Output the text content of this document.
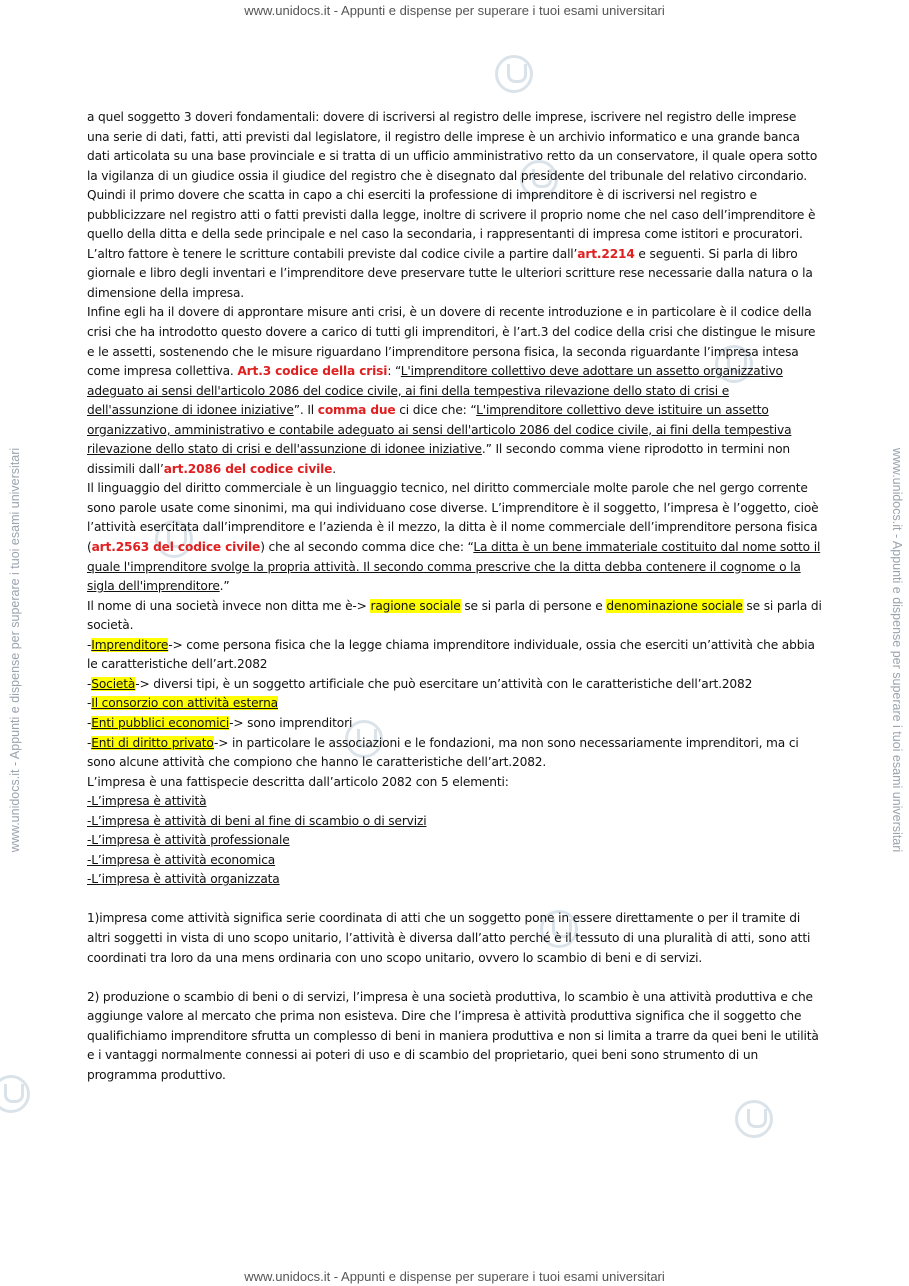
www.unidocs.it - Appunti e dispense per superare i tuoi esami universitari
www.unidocs.it - Appunti e dispense per superare i tuoi esami universitari
www.unidocs.it - Appunti e dispense per superare i tuoi esami universitari	www.unidocs.it - Appunti e dispense per superare i tuoi esami universitari

a quel soggetto 3 doveri fondamentali: dovere di iscriversi al registro delle imprese, iscrivere nel registro delle imprese una serie di dati, fatti, atti previsti dal legislatore, il registro delle imprese è un archivio informatico e una grande banca dati articolata su una base provinciale e si tratta di un ufficio amministrativo retto da un conservatore, il quale opera sotto la vigilanza di un giudice ossia il giudice del registro che è disegnato dal presidente del tribunale del relativo circondario. Quindi il primo dovere che scatta in capo a chi eserciti la professione di imprenditore è di iscriversi nel registro e pubblicizzare nel registro atti o fatti previsti dalla legge, inoltre di scrivere il proprio nome che nel caso dell’imprenditore è quello della ditta e della sede principale e nel caso la secondaria, i rappresentanti di impresa come istitori e procuratori.

L’altro fattore è tenere le scritture contabili previste dal codice civile a partire dall’art.2214 e seguenti. Si parla di libro giornale e libro degli inventari e l’imprenditore deve preservare tutte le ulteriori scritture rese necessarie dalla natura o la dimensione della impresa.

Infine egli ha il dovere di approntare misure anti crisi, è un dovere di recente introduzione e in particolare è il codice della crisi che ha introdotto questo dovere a carico di tutti gli imprenditori, è l’art.3 del codice della crisi che distingue le misure e le assetti, sostenendo che le misure riguardano l’imprenditore persona fisica, la seconda riguardante l’impresa intesa come impresa collettiva. Art.3 codice della crisi: “L'imprenditore collettivo deve adottare un assetto organizzativo adeguato ai sensi dell'articolo 2086 del codice civile, ai fini della tempestiva rilevazione dello stato di crisi e dell'assunzione di idonee iniziative”. Il comma due ci dice che: “L'imprenditore collettivo deve istituire un assetto organizzativo, amministrativo e contabile adeguato ai sensi dell'articolo 2086 del codice civile, ai fini della tempestiva rilevazione dello stato di crisi e dell'assunzione di idonee iniziative.” Il secondo comma viene riprodotto in termini non dissimili dall’art.2086 del codice civile.

Il linguaggio del diritto commerciale è un linguaggio tecnico, nel diritto commerciale molte parole che nel gergo corrente sono parole usate come sinonimi, ma qui individuano cose diverse. L’imprenditore è il soggetto, l’impresa è l’oggetto, cioè l’attività esercitata dall’imprenditore e l’azienda è il mezzo, la ditta è il nome commerciale dell’imprenditore persona fisica (art.2563 del codice civile) che al secondo comma dice che: “La ditta è un bene immateriale costituito dal nome sotto il quale l'imprenditore svolge la propria attività. Il secondo comma prescrive che la ditta debba contenere il cognome o la sigla dell'imprenditore.”

Il nome di una società invece non ditta me è-> ragione sociale se si parla di persone e denominazione sociale se si parla di società.

-Imprenditore-> come persona fisica che la legge chiama imprenditore individuale, ossia che eserciti un’attività che abbia le caratteristiche dell’art.2082

-Società-> diversi tipi, è un soggetto artificiale che può esercitare un’attività con le caratteristiche dell’art.2082

-Il consorzio con attività esterna

-Enti pubblici economici-> sono imprenditori

-Enti di diritto privato-> in particolare le associazioni e le fondazioni, ma non sono necessariamente imprenditori, ma ci sono alcune attività che compiono che hanno le caratteristiche dell’art.2082.

L’impresa è una fattispecie descritta dall’articolo 2082 con 5 elementi:

-L’impresa è attività

-L’impresa è attività di beni al fine di scambio o di servizi

-L’impresa è attività professionale

-L’impresa è attività economica

-L’impresa è attività organizzata

1)impresa come attività significa serie coordinata di atti che un soggetto pone in essere direttamente o per il tramite di altri soggetti in vista di uno scopo unitario, l’attività è diversa dall’atto perché è il tessuto di una pluralità di atti, sono atti coordinati tra loro da una mens ordinaria con uno scopo unitario, ovvero lo scambio di beni e di servizi.

2) produzione o scambio di beni o di servizi, l’impresa è una società produttiva, lo scambio è una attività produttiva e che aggiunge valore al mercato che prima non esisteva. Dire che l’impresa è attività produttiva significa che il soggetto che qualifichiamo imprenditore sfrutta un complesso di beni in maniera produttiva e non si limita a trarre da quei beni le utilità e i vantaggi normalmente connessi ai poteri di uso e di scambio del proprietario, quei beni sono strumento di un programma produttivo.
